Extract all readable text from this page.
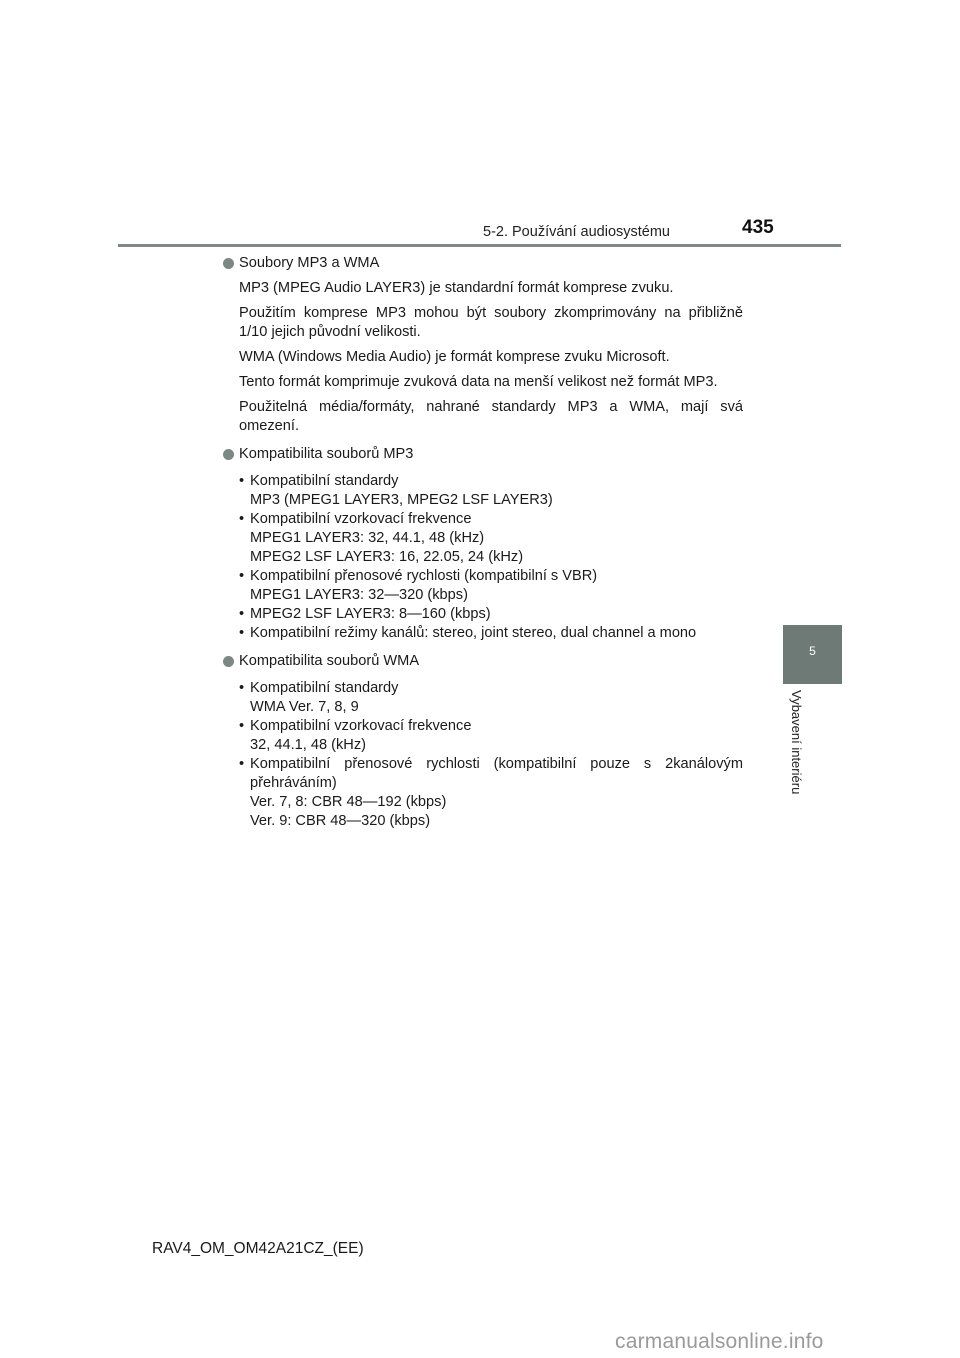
5-2. Používání audiosystému	435
5
Vybavení interiéru

Soubory MP3 a WMA

MP3 (MPEG Audio LAYER3) je standardní formát komprese zvuku.

Použitím komprese MP3 mohou být soubory zkomprimovány na přibližně 1/10 jejich původní velikosti.

WMA (Windows Media Audio) je formát komprese zvuku Microsoft.

Tento formát komprimuje zvuková data na menší velikost než formát MP3.

Použitelná média/formáty, nahrané standardy MP3 a WMA, mají svá omezení.

Kompatibilita souborů MP3

• Kompatibilní standardy
MP3 (MPEG1 LAYER3, MPEG2 LSF LAYER3)
• Kompatibilní vzorkovací frekvence
MPEG1 LAYER3: 32, 44.1, 48 (kHz)
MPEG2 LSF LAYER3: 16, 22.05, 24 (kHz)
• Kompatibilní přenosové rychlosti (kompatibilní s VBR)
MPEG1 LAYER3: 32—320 (kbps)
• MPEG2 LSF LAYER3: 8—160 (kbps)
• Kompatibilní režimy kanálů: stereo, joint stereo, dual channel a mono

Kompatibilita souborů WMA

• Kompatibilní standardy
WMA Ver. 7, 8, 9
• Kompatibilní vzorkovací frekvence
32, 44.1, 48 (kHz)
• Kompatibilní přenosové rychlosti (kompatibilní pouze s 2kanálovým přehráváním)
Ver. 7, 8: CBR 48—192 (kbps)
Ver. 9: CBR 48—320 (kbps)
RAV4_OM_OM42A21CZ_(EE)
carmanualsonline.info
